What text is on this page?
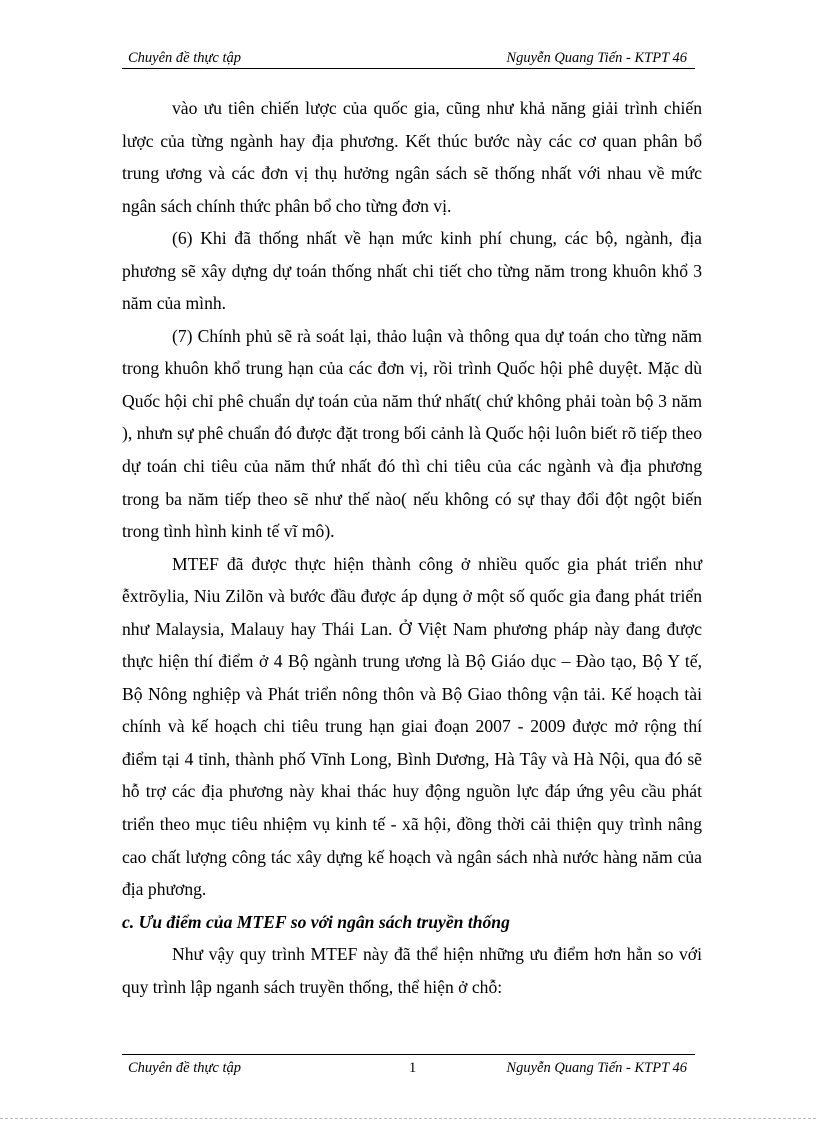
Chuyên đề thực tập	Nguyễn Quang Tiến - KTPT 46

vào ưu tiên chiến lược của quốc gia, cũng như khả năng giải trình chiến lược của từng ngành hay địa phương. Kết thúc bước này các cơ quan phân bổ trung ương và các đơn vị thụ hưởng ngân sách sẽ thống nhất với nhau về mức ngân sách chính thức phân bổ cho từng đơn vị.

(6) Khi đã thống nhất về hạn mức kinh phí chung, các bộ, ngành, địa phương sẽ xây dựng dự toán thống nhất chi tiết cho từng năm trong khuôn khổ 3 năm của mình.

(7) Chính phủ sẽ rà soát lại, thảo luận và thông qua dự toán cho từng năm trong khuôn khổ trung hạn của các đơn vị, rồi trình Quốc hội phê duyệt. Mặc dù Quốc hội chỉ phê chuẩn dự toán của năm thứ nhất( chứ không phải toàn bộ 3 năm ), nhưn sự phê chuẩn đó được đặt trong bối cảnh là Quốc hội luôn biết rõ tiếp theo dự toán chi tiêu của năm thứ nhất đó thì chi tiêu của các ngành và địa phương trong ba năm tiếp theo sẽ như thế nào( nếu không có sự thay đổi đột ngột biến trong tình hình kinh tế vĩ mô).

MTEF đã được thực hiện thành công ở nhiều quốc gia phát triển như ễxtrõylia, Niu Zilõn và bước đầu được áp dụng ở một số quốc gia đang phát triển như Malaysia, Malauy hay Thái Lan. Ở Việt Nam phương pháp này đang được thực hiện thí điểm ở 4 Bộ ngành trung ương là Bộ Giáo dục – Đào tạo, Bộ Y tế, Bộ Nông nghiệp và Phát triển nông thôn và Bộ Giao thông vận tải. Kế hoạch tài chính và kế hoạch chi tiêu trung hạn giai đoạn 2007 - 2009 được mở rộng thí điểm tại 4 tỉnh, thành phố Vĩnh Long, Bình Dương, Hà Tây và Hà Nội, qua đó sẽ hỗ trợ các địa phương này khai thác huy động nguồn lực đáp ứng yêu cầu phát triển theo mục tiêu nhiệm vụ kinh tế - xã hội, đồng thời cải thiện quy trình nâng cao chất lượng công tác xây dựng kế hoạch và ngân sách nhà nước hàng năm của địa phương.

c. Ưu điểm của MTEF so với ngân sách truyền thống

Như vậy quy trình MTEF này đã thể hiện những ưu điểm hơn hẳn so với quy trình lập nganh sách truyền thống, thể hiện ở chỗ:

Chuyên đề thực tập	1	Nguyễn Quang Tiến - KTPT 46
